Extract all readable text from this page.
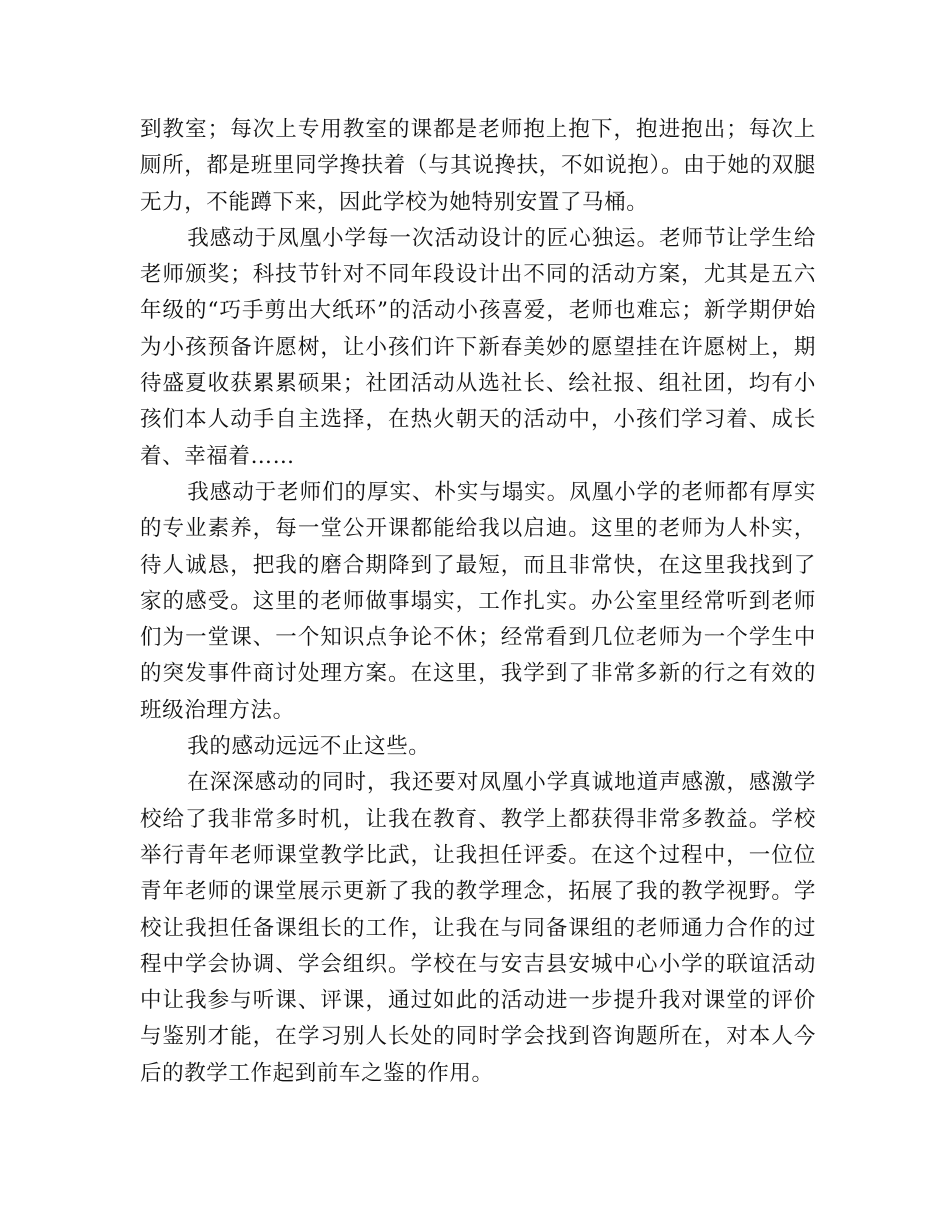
到教室；每次上专用教室的课都是老师抱上抱下，抱进抱出；每次上厕所，都是班里同学搀扶着（与其说搀扶，不如说抱）。由于她的双腿无力，不能蹲下来，因此学校为她特别安置了马桶。

我感动于凤凰小学每一次活动设计的匠心独运。老师节让学生给老师颁奖；科技节针对不同年段设计出不同的活动方案，尤其是五六年级的“巧手剪出大纸环”的活动小孩喜爱，老师也难忘；新学期伊始为小孩预备许愿树，让小孩们许下新春美妙的愿望挂在许愿树上，期待盛夏收获累累硕果；社团活动从选社长、绘社报、组社团，均有小孩们本人动手自主选择，在热火朝天的活动中，小孩们学习着、成长着、幸福着……

我感动于老师们的厚实、朴实与塌实。凤凰小学的老师都有厚实的专业素养，每一堂公开课都能给我以启迪。这里的老师为人朴实，待人诚恳，把我的磨合期降到了最短，而且非常快，在这里我找到了家的感受。这里的老师做事塌实，工作扎实。办公室里经常听到老师们为一堂课、一个知识点争论不休；经常看到几位老师为一个学生中的突发事件商讨处理方案。在这里，我学到了非常多新的行之有效的班级治理方法。

我的感动远远不止这些。

在深深感动的同时，我还要对凤凰小学真诚地道声感激，感激学校给了我非常多时机，让我在教育、教学上都获得非常多教益。学校举行青年老师课堂教学比武，让我担任评委。在这个过程中，一位位青年老师的课堂展示更新了我的教学理念，拓展了我的教学视野。学校让我担任备课组长的工作，让我在与同备课组的老师通力合作的过程中学会协调、学会组织。学校在与安吉县安城中心小学的联谊活动中让我参与听课、评课，通过如此的活动进一步提升我对课堂的评价与鉴别才能，在学习别人长处的同时学会找到咨询题所在，对本人今后的教学工作起到前车之鉴的作用。
